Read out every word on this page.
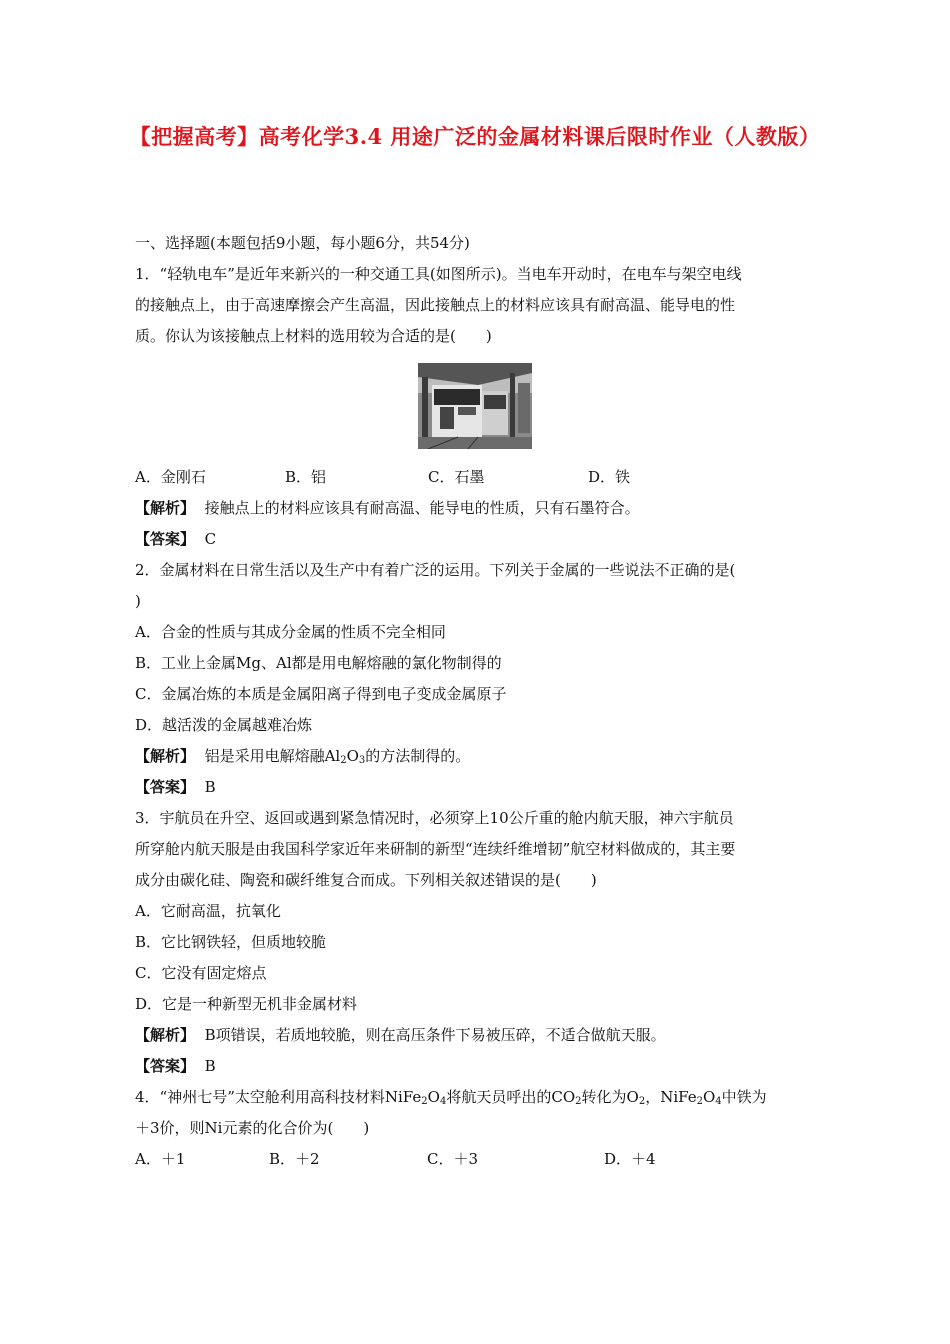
【把握高考】高考化学3.4 用途广泛的金属材料课后限时作业（人教版）
一、选择题(本题包括9小题，每小题6分，共54分)
1．“轻轨电车”是近年来新兴的一种交通工具(如图所示)。当电车开动时，在电车与架空电线
的接触点上，由于高速摩擦会产生高温，因此接触点上的材料应该具有耐高温、能导电的性
质。你认为该接触点上材料的选用较为合适的是(　　)
A．金刚石	B．铝	C．石墨	D．铁
【解析】 接触点上的材料应该具有耐高温、能导电的性质，只有石墨符合。
【答案】 C
2．金属材料在日常生活以及生产中有着广泛的运用。下列关于金属的一些说法不正确的是(
)
A．合金的性质与其成分金属的性质不完全相同
B．工业上金属Mg、Al都是用电解熔融的氯化物制得的
C．金属冶炼的本质是金属阳离子得到电子变成金属原子
D．越活泼的金属越难冶炼
【解析】 铝是采用电解熔融$Al_2O_3$的方法制得的。
【答案】 B
3．宇航员在升空、返回或遇到紧急情况时，必须穿上10公斤重的舱内航天服，神六宇航员
所穿舱内航天服是由我国科学家近年来研制的新型“连续纤维增韧”航空材料做成的，其主要
成分由碳化硅、陶瓷和碳纤维复合而成。下列相关叙述错误的是(　　)
A．它耐高温，抗氧化
B．它比钢铁轻，但质地较脆
C．它没有固定熔点
D．它是一种新型无机非金属材料
【解析】 B项错误，若质地较脆，则在高压条件下易被压碎，不适合做航天服。
【答案】 B
4．“神州七号”太空舱利用高科技材料$NiFe_2O_4$将航天员呼出的$CO_2$转化为$O_2$，$NiFe_2O_4$中铁为
＋3价，则Ni元素的化合价为(　　)
A．＋1	B．＋2	C．＋3	D．＋4
